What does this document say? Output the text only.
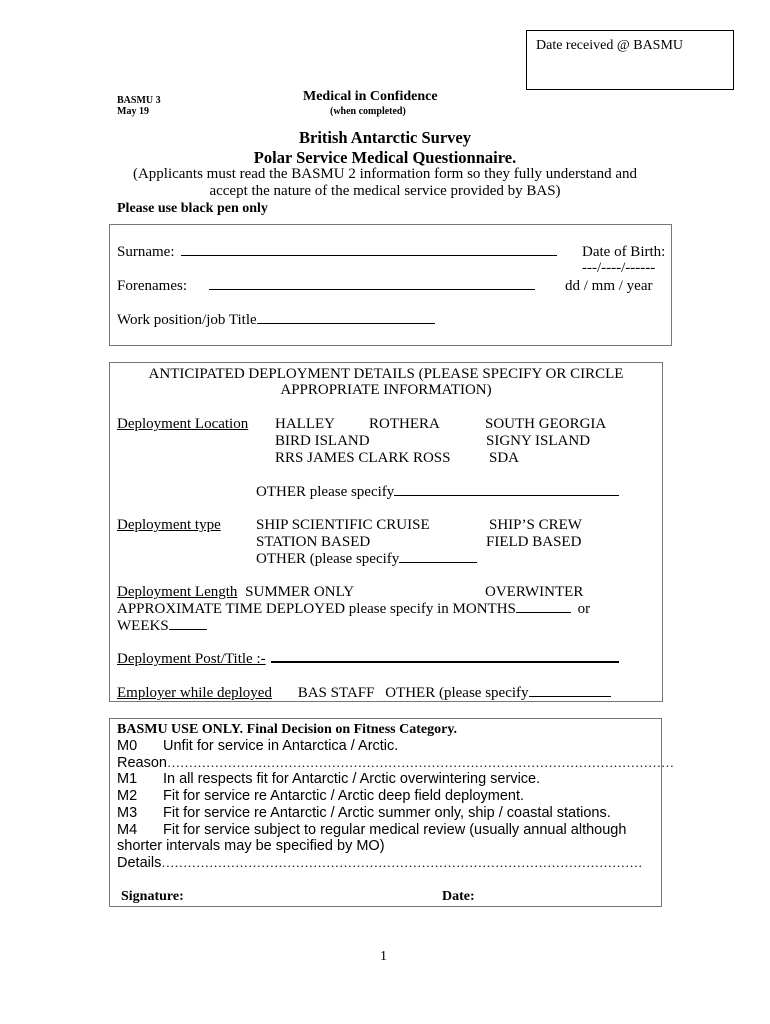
Date received @ BASMU
BASMU 3
May 19
Medical in Confidence
(when completed)
British Antarctic Survey
Polar Service Medical Questionnaire.
(Applicants must read the BASMU 2 information form so they fully understand and
accept the nature of the medical service provided by BAS)
Please use black pen only
Surname:	Date of Birth:
---/----/------
Forenames:	dd / mm / year
Work position/job Title
ANTICIPATED DEPLOYMENT DETAILS (PLEASE SPECIFY OR CIRCLE
APPROPRIATE INFORMATION)
Deployment Location HALLEY ROTHERA	SOUTH GEORGIA
BIRD ISLAND	SIGNY ISLAND
RRS JAMES CLARK ROSS	SDA
OTHER please specify
Deployment type SHIP SCIENTIFIC CRUISE	SHIP’S CREW
STATION BASED	FIELD BASED
OTHER (please specify
Deployment Length SUMMER ONLY	OVERWINTER
APPROXIMATE TIME DEPLOYED please specify in MONTHS	or
WEEKS
Deployment Post/Title :-
Employer while deployed BAS STAFF OTHER (please specify
BASMU USE ONLY. Final Decision on Fitness Category.
M0 Unfit for service in Antarctica / Arctic.
Reason………………………………………………………………………………………………………
M1 In all respects fit for Antarctic / Arctic overwintering service.
M2 Fit for service re Antarctic / Arctic deep field deployment.
M3 Fit for service re Antarctic / Arctic summer only, ship / coastal stations.
M4 Fit for service subject to regular medical review (usually annual although
shorter intervals may be specified by MO)
Details…………………………………………………………………………………………………
Signature:	Date:
1
